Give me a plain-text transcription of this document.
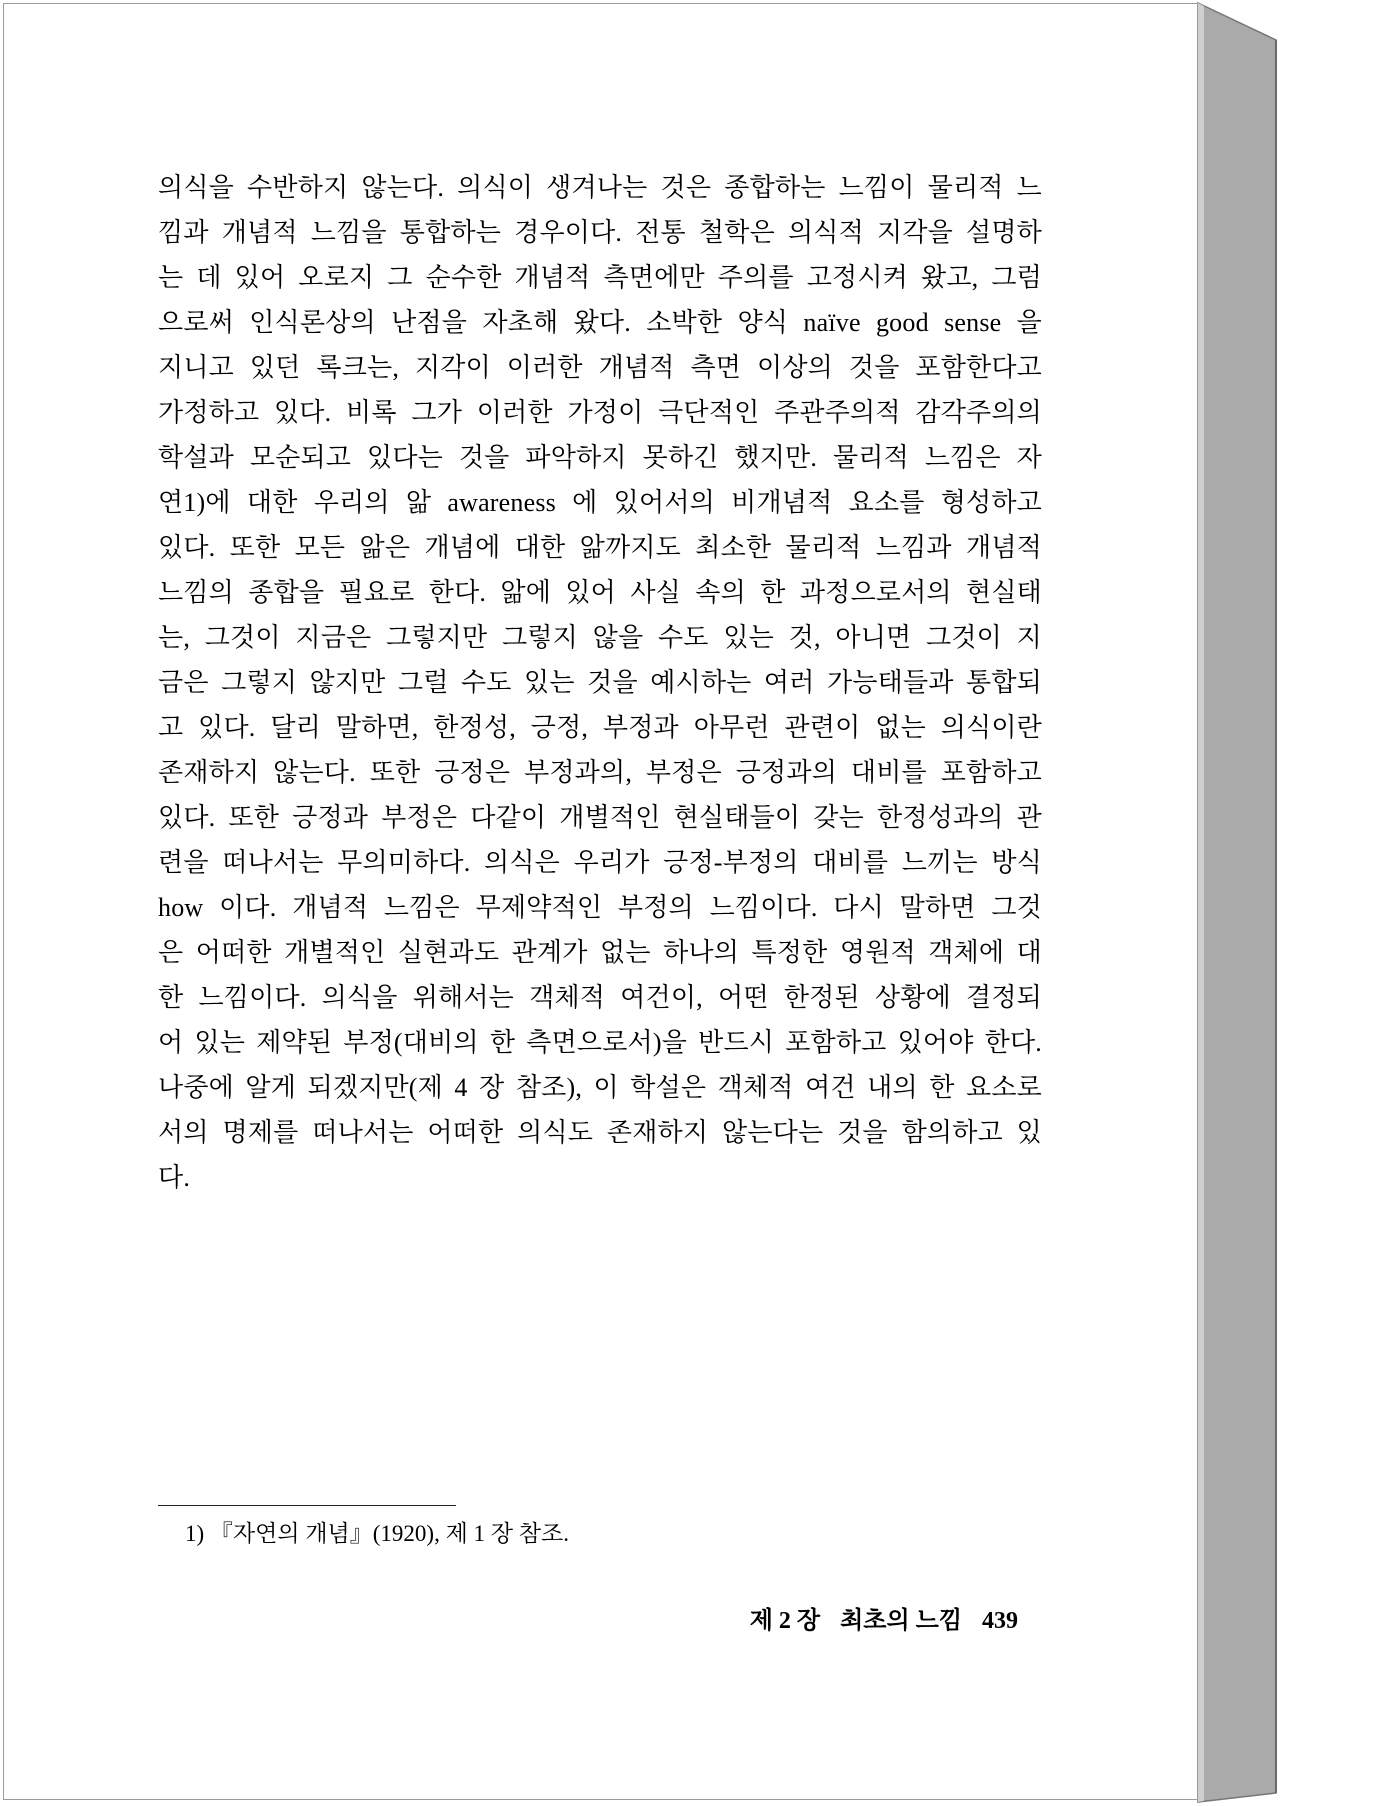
의식을 수반하지 않는다. 의식이 생겨나는 것은 종합하는 느낌이 물리적 느
낌과 개념적 느낌을 통합하는 경우이다. 전통 철학은 의식적 지각을 설명하
는 데 있어 오로지 그 순수한 개념적 측면에만 주의를 고정시켜 왔고, 그럼
으로써 인식론상의 난점을 자초해 왔다. 소박한 양식 naïve good sense 을
지니고 있던 록크는, 지각이 이러한 개념적 측면 이상의 것을 포함한다고
가정하고 있다. 비록 그가 이러한 가정이 극단적인 주관주의적 감각주의의
학설과 모순되고 있다는 것을 파악하지 못하긴 했지만. 물리적 느낌은 자
연1)에 대한 우리의 앎 awareness 에 있어서의 비개념적 요소를 형성하고
있다. 또한 모든 앎은 개념에 대한 앎까지도 최소한 물리적 느낌과 개념적
느낌의 종합을 필요로 한다. 앎에 있어 사실 속의 한 과정으로서의 현실태
는, 그것이 지금은 그렇지만 그렇지 않을 수도 있는 것, 아니면 그것이 지
금은 그렇지 않지만 그럴 수도 있는 것을 예시하는 여러 가능태들과 통합되
고 있다. 달리 말하면, 한정성, 긍정, 부정과 아무런 관련이 없는 의식이란
존재하지 않는다. 또한 긍정은 부정과의, 부정은 긍정과의 대비를 포함하고
있다. 또한 긍정과 부정은 다같이 개별적인 현실태들이 갖는 한정성과의 관
련을 떠나서는 무의미하다. 의식은 우리가 긍정-부정의 대비를 느끼는 방식
how 이다. 개념적 느낌은 무제약적인 부정의 느낌이다. 다시 말하면 그것
은 어떠한 개별적인 실현과도 관계가 없는 하나의 특정한 영원적 객체에 대
한 느낌이다. 의식을 위해서는 객체적 여건이, 어떤 한정된 상황에 결정되
어 있는 제약된 부정(대비의 한 측면으로서)을 반드시 포함하고 있어야 한다.
나중에 알게 되겠지만(제 4 장 참조), 이 학설은 객체적 여건 내의 한 요소로
서의 명제를 떠나서는 어떠한 의식도 존재하지 않는다는 것을 함의하고 있
다.
1) 『자연의 개념』(1920), 제 1 장 참조.
제 2 장 최초의 느낌 439
